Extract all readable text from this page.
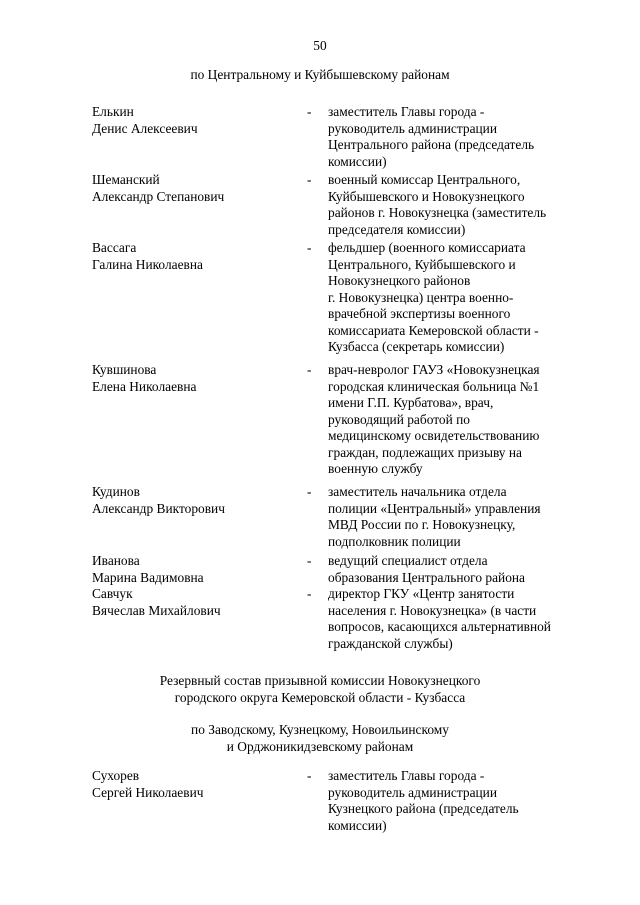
50
по Центральному и Куйбышевскому районам
Елькин
Денис Алексеевич
- заместитель Главы города -
руководитель администрации
Центрального района (председатель
комиссии)
Шеманский
Александр Степанович
- военный комиссар Центрального,
Куйбышевского и Новокузнецкого
районов г. Новокузнецка (заместитель
председателя комиссии)
Вассага
Галина Николаевна
- фельдшер (военного комиссариата
Центрального, Куйбышевского и
Новокузнецкого районов
г. Новокузнецка) центра военно-
врачебной экспертизы военного
комиссариата Кемеровской области -
Кузбасса (секретарь комиссии)
Кувшинова
Елена Николаевна
- врач-невролог ГАУЗ «Новокузнецкая
городская клиническая больница №1
имени Г.П. Курбатова», врач,
руководящий работой по
медицинскому освидетельствованию
граждан, подлежащих призыву на
военную службу
Кудинов
Александр Викторович
- заместитель начальника отдела
полиции «Центральный» управления
МВД России по г. Новокузнецку,
подполковник полиции
Иванова
Марина Вадимовна
- ведущий специалист отдела
образования Центрального района
Савчук
Вячеслав Михайлович
- директор ГКУ «Центр занятости
населения г. Новокузнецка» (в части
вопросов, касающихся альтернативной
гражданской службы)
Резервный состав призывной комиссии Новокузнецкого
городского округа Кемеровской области - Кузбасса
по Заводскому, Кузнецкому, Новоильинскому
и Орджоникидзевскому районам
Сухорев
Сергей Николаевич
- заместитель Главы города -
руководитель администрации
Кузнецкого района (председатель
комиссии)
